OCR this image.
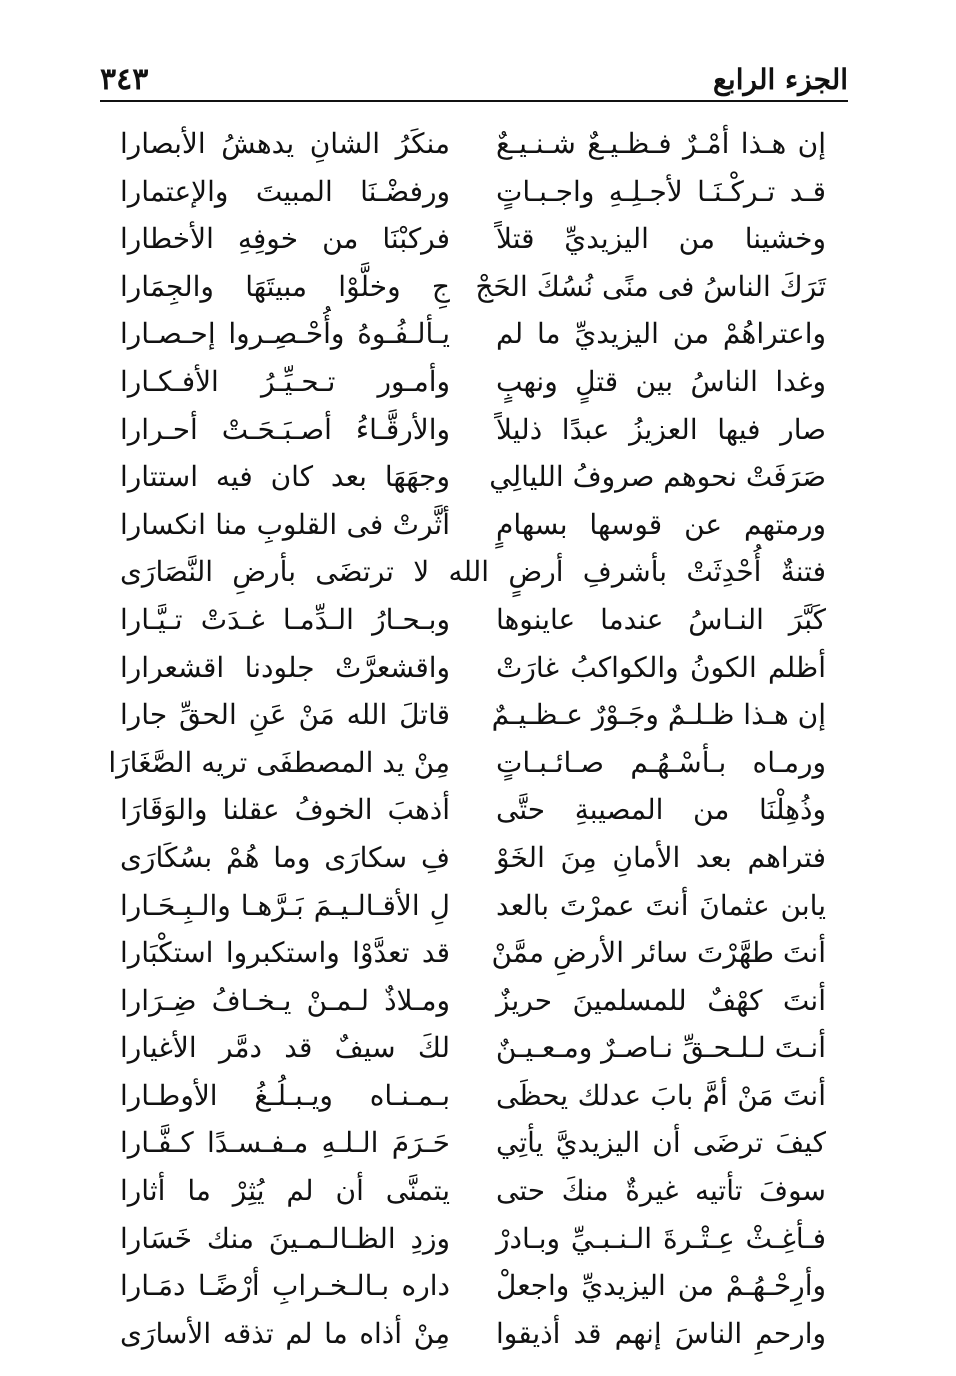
الجزء الرابع
٣٤٣
إن هـذا أمْـرٌ فـظـيـعٌ شـنـيـعٌ
منكَرُ الشانِ يدهشُ الأبصارا
قـد تـركْـنَـا لأجـلِـهِ واجـبـاتٍ
ورفضْـنَا المبيتَ والإعتمارا
وخشينا من اليزيديِّ قتلاً
فركبْنَا من خوفِهِ الأخطارا
تَرَكَ الناسُ فى منًى نُسُكَ الحَجْ
جِ وخلَّوْا مبيتَهَا والجِمَارا
واعتراهُمْ من اليزيديِّ ما لم
يـألـفُـوهُ وأُحْـصِـروا إحـصـارا
وغدا الناسُ بين قتلٍ ونهبٍ
وأمـور تـحـيِّـرُ الأفـكـارا
صار فيها العزيزُ عبدًا ذليلاً
والأرقَّـاءُ أصـبَـحَـتْ أحـرارا
صَرَفَتْ نحوهم صروفُ الليالِي
وجهَهَا بعد كان فيه استتارا
ورمتهم عن قوسها بسهامٍ
أثَّرتْ فى القلوبِ منا انكسارا
فتنةٌ أُحْدِثَتْ بأشرفِ أرضٍ الله لا ترتضَى بأرضِ النَّصَارَى
كَبَّرَ النـاسُ عندما عاينوها
وبـحـارُ الـدِّمـا غـدَتْ تـيَّـارا
أظلم الكونُ والكواكبُ غارَتْ
واقشعرَّتْ جلودنا اقشعرارا
إن هـذا ظـلـمٌ وجَـوْرٌ عـظـيـمٌ
قاتلَ الله مَنْ عَنِ الحقِّ جارا
ورمـاه بـأسْـهُـم صـائـبـاتٍ
مِنْ يد المصطفَى تريه الصَّغَارَا
وذُهِلْنَا من المصيبةِ حتَّى
أذهبَ الخوفُ عقلنا والوَقَارَا
فتراهم بعد الأمانِ مِنَ الخَوْ
فِ سكارَى وما هُمْ بسُكَارَى
يابن عثمانَ أنتَ عمرْتَ بالعد
لِ الأقـالـيـمَ بَـرَّهـا والـبِـحَـارا
أنتَ طهَّرْتَ سائر الأرضِ ممَّنْ
قد تعدَّوْا واستكبروا استكْبَارا
أنتَ كهْفٌ للمسلمينَ حريزٌ
ومـلاذٌ لـمـنْ يـخـافُ ضِـرَارا
أنـتَ لـلـحـقِّ نـاصـرٌ ومـعـيـنٌ
لكَ سيفٌ قد دمَّر الأغيارا
أنتَ مَنْ أمَّ بابَ عدلك يحظَى
بـمـنـاه ويـبـلُـغُ الأوطـارا
كيفَ ترضَى أن اليزيديَّ يأتِي
حَـرَمَ الـلـهِ مـفـسـدًا كـفَّـارا
سوفَ تأتيه غيرةٌ منكَ حتى
يتمنَّى أن لم يُثِرْ ما أثارا
فـأغِـثْ عِـتْـرةَ الـنـبـيِّ وبـادرْ
وزدِ الظـالـمـينَ منك خَسَارا
وأرِحْـهُـمْ من اليزيديِّ واجعلْ
داره بـالـخـرابِ أرْضًـا دمَـارا
وارحمِ الناسَ إنهم قد أذيقوا
مِنْ أذاه ما لم تذقه الأسارَى
